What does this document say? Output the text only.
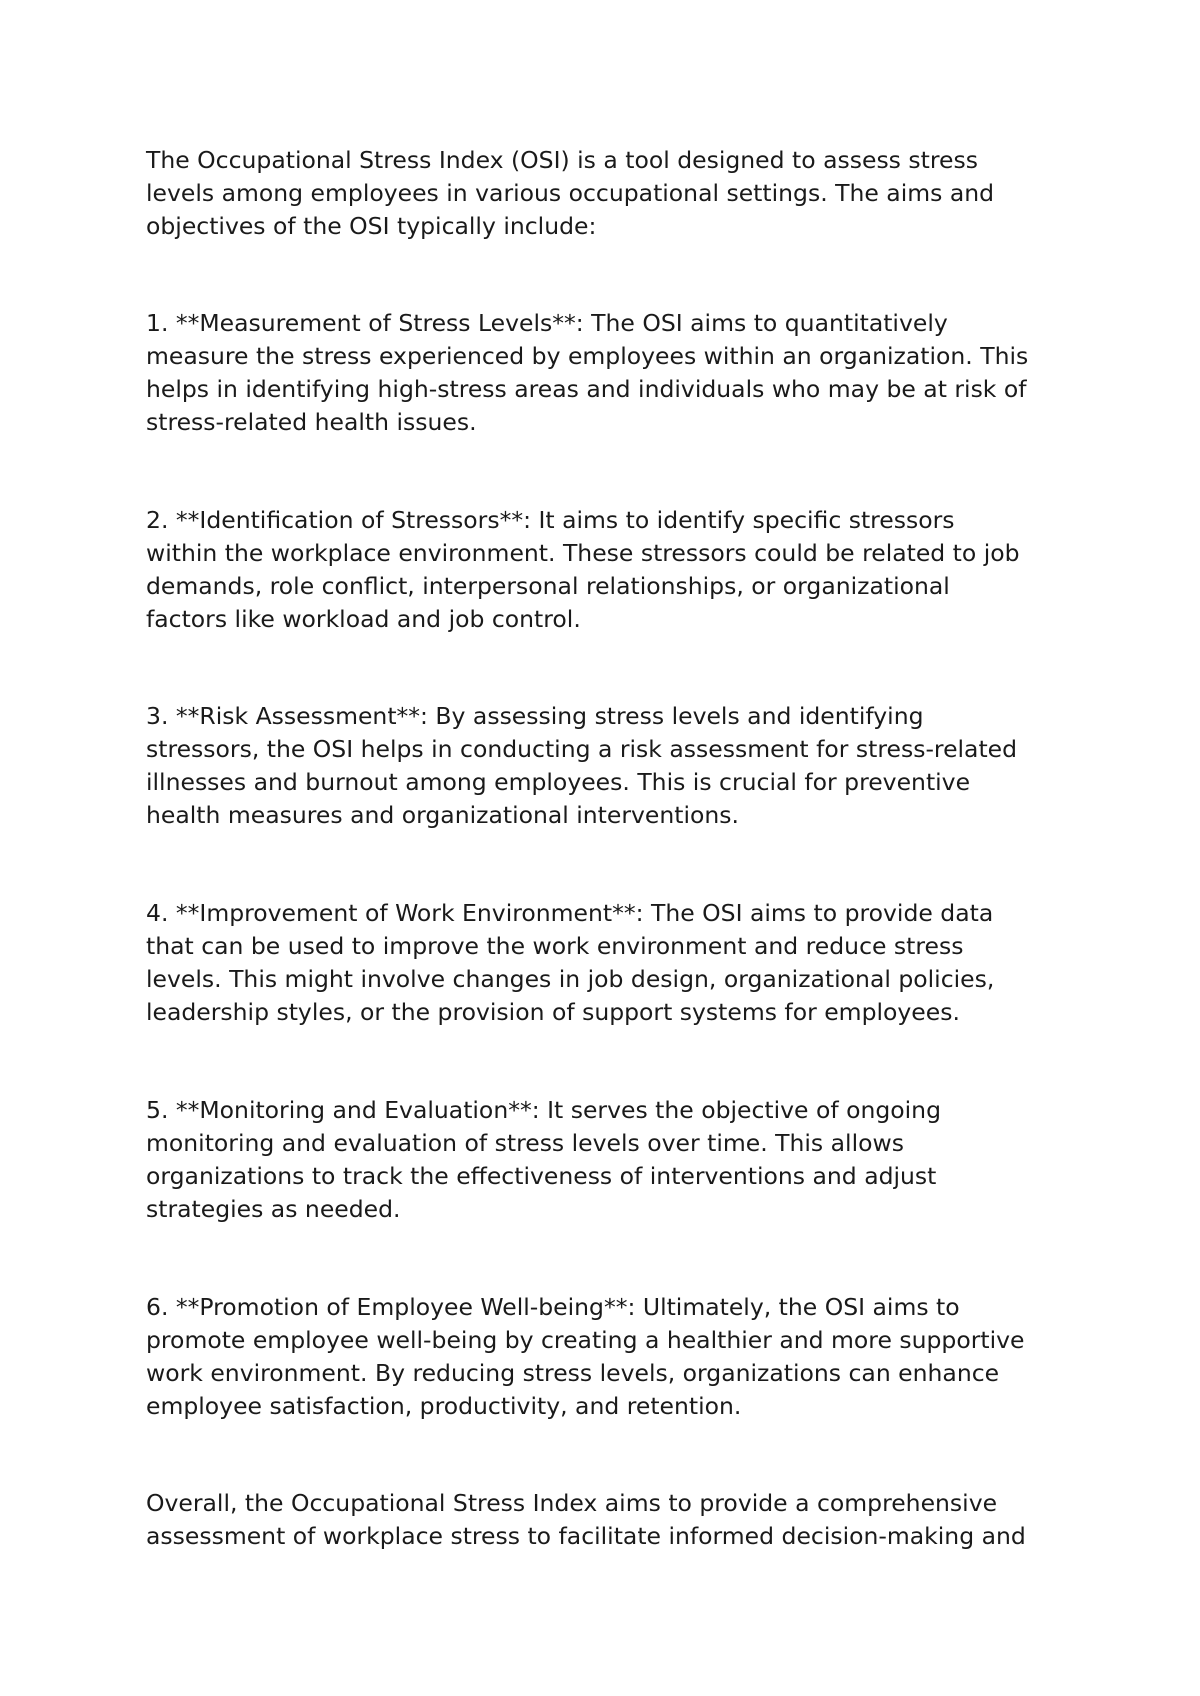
The Occupational Stress Index (OSI) is a tool designed to assess stress
levels among employees in various occupational settings. The aims and
objectives of the OSI typically include:
1. **Measurement of Stress Levels**: The OSI aims to quantitatively
measure the stress experienced by employees within an organization. This
helps in identifying high-stress areas and individuals who may be at risk of
stress-related health issues.
2. **Identification of Stressors**: It aims to identify specific stressors
within the workplace environment. These stressors could be related to job
demands, role conflict, interpersonal relationships, or organizational
factors like workload and job control.
3. **Risk Assessment**: By assessing stress levels and identifying
stressors, the OSI helps in conducting a risk assessment for stress-related
illnesses and burnout among employees. This is crucial for preventive
health measures and organizational interventions.
4. **Improvement of Work Environment**: The OSI aims to provide data
that can be used to improve the work environment and reduce stress
levels. This might involve changes in job design, organizational policies,
leadership styles, or the provision of support systems for employees.
5. **Monitoring and Evaluation**: It serves the objective of ongoing
monitoring and evaluation of stress levels over time. This allows
organizations to track the effectiveness of interventions and adjust
strategies as needed.
6. **Promotion of Employee Well-being**: Ultimately, the OSI aims to
promote employee well-being by creating a healthier and more supportive
work environment. By reducing stress levels, organizations can enhance
employee satisfaction, productivity, and retention.
Overall, the Occupational Stress Index aims to provide a comprehensive
assessment of workplace stress to facilitate informed decision-making and
